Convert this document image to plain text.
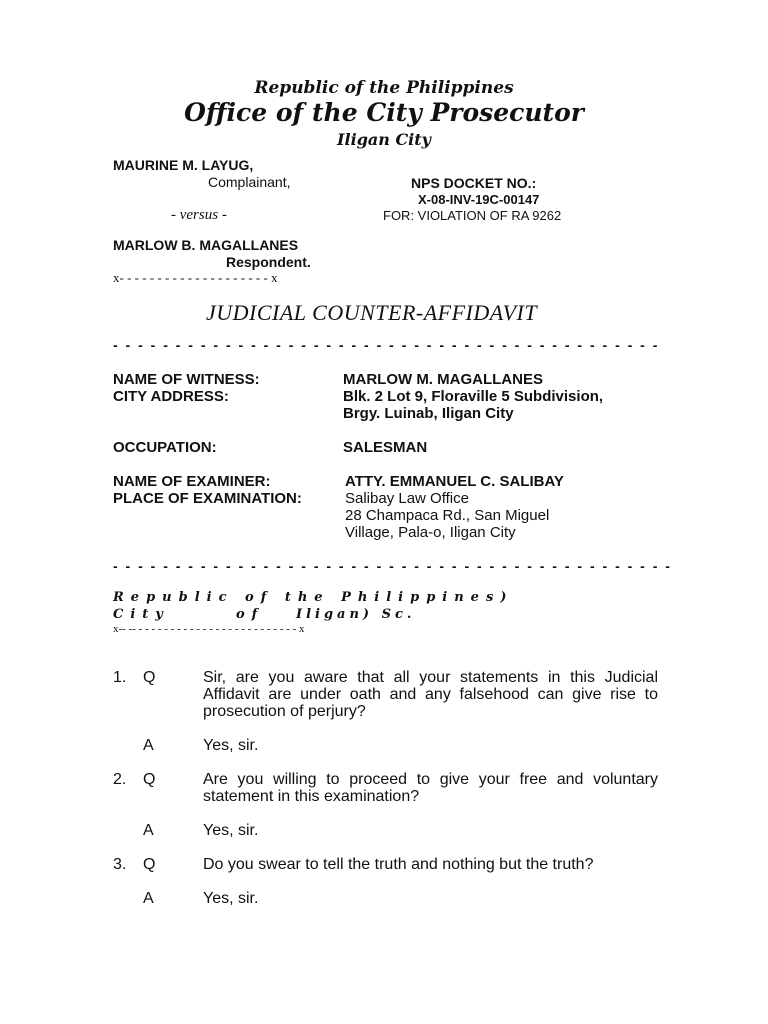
Republic of the Philippines
Office of the City Prosecutor
Iligan City
MAURINE M. LAYUG,
Complainant,	NPS DOCKET NO.:
X-08-INV-19C-00147
- versus -	FOR: VIOLATION OF RA 9262
MARLOW B. MAGALLANES
Respondent.
x- - - - - - - - - - - - - - - - - - - - x
JUDICIAL COUNTER-AFFIDAVIT
- - - - - - - - - - - - - - - - - - - - - - - - - - - - - - - - - - - - - - - - - - - -
NAME OF WITNESS:	MARLOW M. MAGALLANES
CITY ADDRESS:	Blk. 2 Lot 9, Floraville 5 Subdivision,
Brgy. Luinab, Iligan City
OCCUPATION:	SALESMAN
NAME OF EXAMINER:	ATTY. EMMANUEL C. SALIBAY
PLACE OF EXAMINATION:	Salibay Law Office
28 Champaca Rd., San Miguel
Village, Pala-o, Iligan City
- - - - - - - - - - - - - - - - - - - - - - - - - - - - - - - - - - - - - - - - - - - - -
Republic of the Philippines)
City	of Iligan) Sc.
x-- -- - - - - - - - - - - - - - - - - - - - - - - - - - x
1. Q	Sir, are you aware that all your statements in this Judicial Affidavit are under oath and any falsehood can give rise to prosecution of perjury?
A	Yes, sir.
2. Q	Are you willing to proceed to give your free and voluntary statement in this examination?
A	Yes, sir.
3. Q	Do you swear to tell the truth and nothing but the truth?
A	Yes, sir.
